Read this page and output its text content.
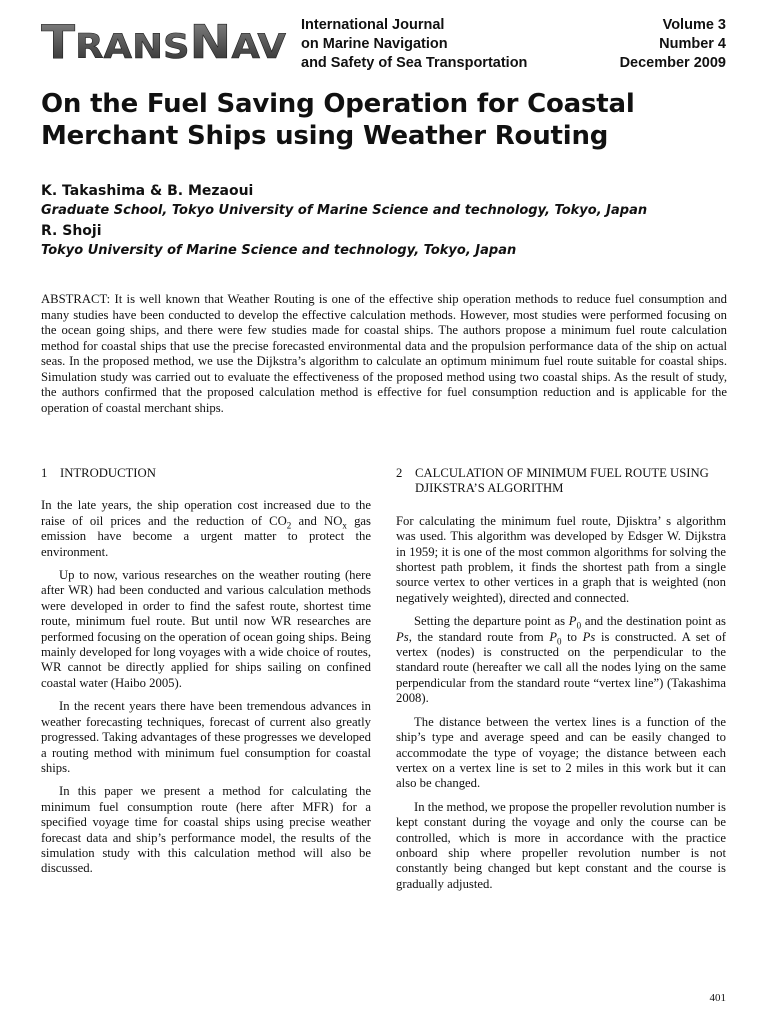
TRANS NAV
International Journal
on Marine Navigation
and Safety of Sea Transportation
Volume 3
Number 4
December 2009
On the Fuel Saving Operation for Coastal
Merchant Ships using Weather Routing
K. Takashima & B. Mezaoui
Graduate School, Tokyo University of Marine Science and technology, Tokyo, Japan
R. Shoji
Tokyo University of Marine Science and technology, Tokyo, Japan
ABSTRACT: It is well known that Weather Routing is one of the effective ship operation methods to reduce fuel consumption and many studies have been conducted to develop the effective calculation methods. However, most studies were performed focusing on the ocean going ships, and there were few studies made for coastal ships. The authors propose a minimum fuel route calculation method for coastal ships that use the precise forecasted environmental data and the propulsion performance data of the ship on actual seas. In the proposed method, we use the Dijkstra’s algorithm to calculate an optimum minimum fuel route suitable for coastal ships. Simulation study was carried out to evaluate the effectiveness of the proposed method using two coastal ships. As the result of study, the authors confirmed that the proposed calculation method is effective for fuel consumption reduction and is applicable for the operation of coastal merchant ships.
1 INTRODUCTION

In the late years, the ship operation cost increased due to the raise of oil prices and the reduction of $CO_2$ and $NO_x$ gas emission have become a urgent matter to protect the environment.

Up to now, various researches on the weather routing (here after WR) had been conducted and various calculation methods were developed in order to find the safest route, shortest time route, minimum fuel route. But until now WR researches are performed focusing on the operation of ocean going ships. Being mainly developed for long voyages with a wide choice of routes, WR cannot be directly applied for ships sailing on confined coastal water (Haibo 2005).

In the recent years there have been tremendous advances in weather forecasting techniques, forecast of current also greatly progressed. Taking advantages of these progresses we developed a routing method with minimum fuel consumption for coastal ships.

In this paper we present a method for calculating the minimum fuel consumption route (here after MFR) for a specified voyage time for coastal ships using precise weather forecast data and ship’s performance model, the results of the simulation study with this calculation method will also be discussed.

2 CALCULATION OF MINIMUM FUEL ROUTE USING DJIKSTRA’S ALGORITHM

For calculating the minimum fuel route, Djisktra’ s algorithm was used. This algorithm was developed by Edsger W. Dijkstra in 1959; it is one of the most common algorithms for solving the shortest path problem, it finds the shortest path from a single source vertex to other vertices in a graph that is weighted (non negatively weighted), directed and connected.

Setting the departure point as $P_0$ and the destination point as Ps, the standard route from $P_0$ to Ps is constructed. A set of vertex (nodes) is constructed on the perpendicular to the standard route (hereafter we call all the nodes lying on the same perpendicular from the standard route “vertex line”) (Takashima 2008).

The distance between the vertex lines is a function of the ship’s type and average speed and can be easily changed to accommodate the type of voyage; the distance between each vertex on a vertex line is set to 2 miles in this work but it can also be changed.

In the method, we propose the propeller revolution number is kept constant during the voyage and only the course can be controlled, which is more in accordance with the practice onboard ship where propeller revolution number is not constantly being changed but kept constant and the course is gradually adjusted.

401
